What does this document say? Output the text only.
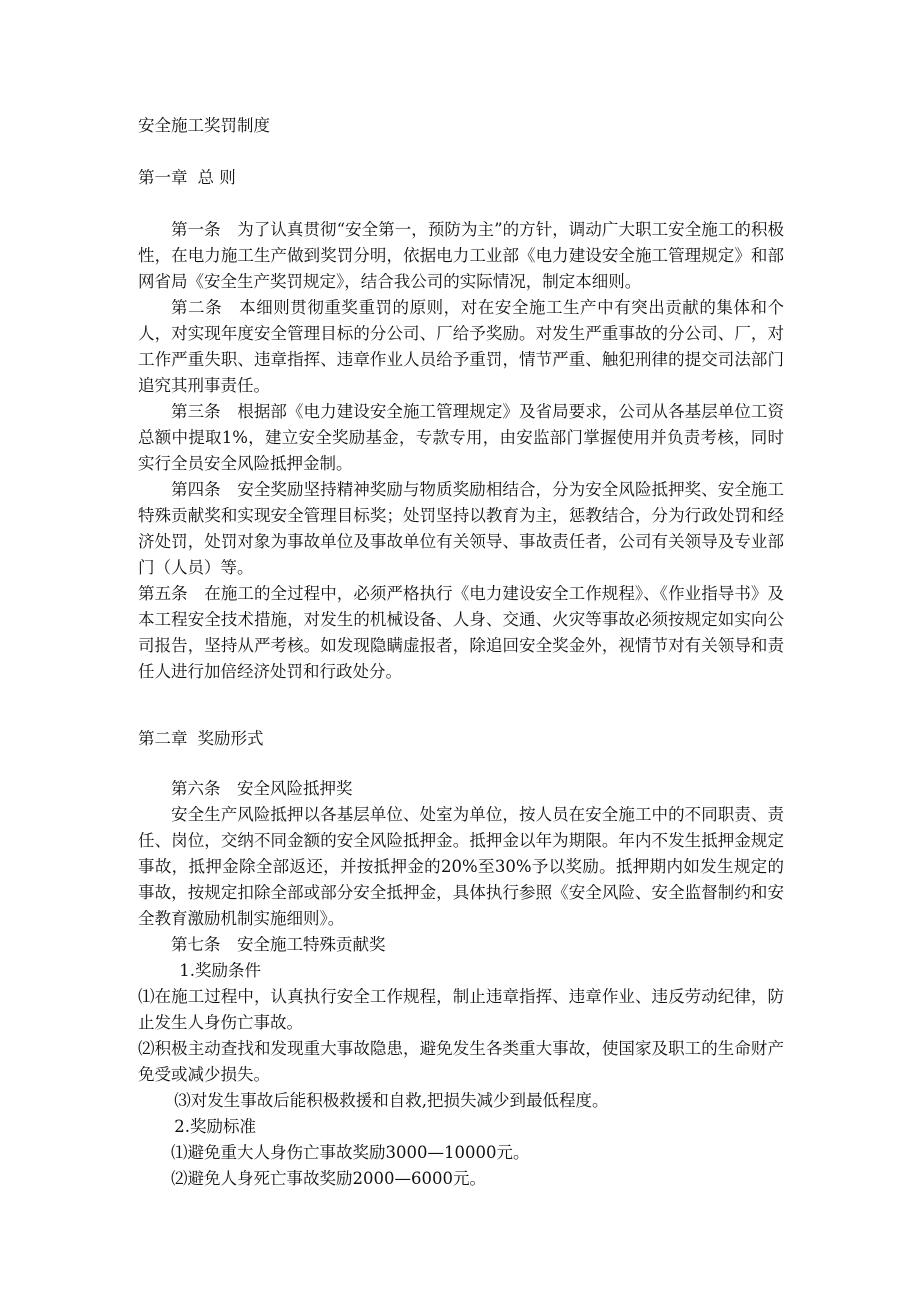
安全施工奖罚制度
第一章 总 则

第一条　为了认真贯彻“安全第一，预防为主”的方针，调动广大职工安全施工的积极性，在电力施工生产做到奖罚分明，依据电力工业部《电力建设安全施工管理规定》和部网省局《安全生产奖罚规定》，结合我公司的实际情况，制定本细则。

第二条　本细则贯彻重奖重罚的原则，对在安全施工生产中有突出贡献的集体和个人，对实现年度安全管理目标的分公司、厂给予奖励。对发生严重事故的分公司、厂，对工作严重失职、违章指挥、违章作业人员给予重罚，情节严重、触犯刑律的提交司法部门追究其刑事责任。

第三条　根据部《电力建设安全施工管理规定》及省局要求，公司从各基层单位工资总额中提取1%，建立安全奖励基金，专款专用，由安监部门掌握使用并负责考核，同时实行全员安全风险抵押金制。

第四条　安全奖励坚持精神奖励与物质奖励相结合，分为安全风险抵押奖、安全施工特殊贡献奖和实现安全管理目标奖；处罚坚持以教育为主，惩教结合，分为行政处罚和经济处罚，处罚对象为事故单位及事故单位有关领导、事故责任者，公司有关领导及专业部门（人员）等。

第五条　在施工的全过程中，必须严格执行《电力建设安全工作规程》、《作业指导书》及本工程安全技术措施，对发生的机械设备、人身、交通、火灾等事故必须按规定如实向公司报告，坚持从严考核。如发现隐瞒虚报者，除追回安全奖金外，视情节对有关领导和责任人进行加倍经济处罚和行政处分。

第二章 奖励形式

第六条　安全风险抵押奖

安全生产风险抵押以各基层单位、处室为单位，按人员在安全施工中的不同职责、责任、岗位，交纳不同金额的安全风险抵押金。抵押金以年为期限。年内不发生抵押金规定事故，抵押金除全部返还，并按抵押金的20%至30%予以奖励。抵押期内如发生规定的事故，按规定扣除全部或部分安全抵押金，具体执行参照《安全风险、安全监督制约和安全教育激励机制实施细则》。

第七条　安全施工特殊贡献奖

1.奖励条件

⑴在施工过程中，认真执行安全工作规程，制止违章指挥、违章作业、违反劳动纪律，防止发生人身伤亡事故。

⑵积极主动查找和发现重大事故隐患，避免发生各类重大事故，使国家及职工的生命财产免受或减少损失。

⑶对发生事故后能积极救援和自救,把损失减少到最低程度。

2.奖励标准

⑴避免重大人身伤亡事故奖励3000—10000元。

⑵避免人身死亡事故奖励2000—6000元。
